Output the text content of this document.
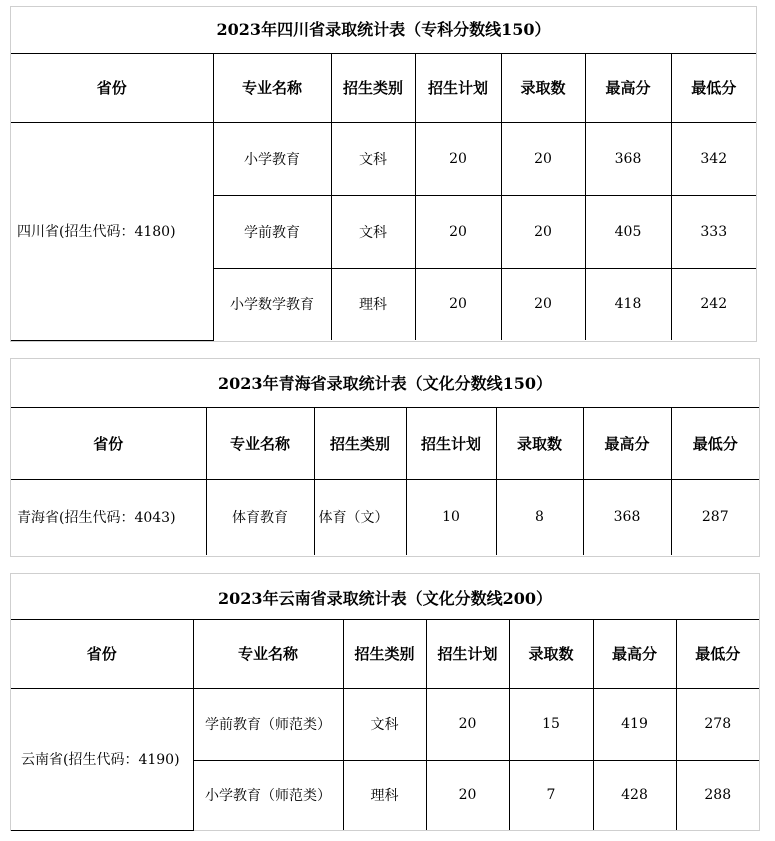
2023年四川省录取统计表（专科分数线150）
省份	专业名称	招生类别	招生计划	录取数	最高分	最低分
四川省(招生代码：4180)	小学教育	文科	20	20	368	342
	学前教育	文科	20	20	405	333
	小学数学教育	理科	20	20	418	242
2023年青海省录取统计表（文化分数线150）
省份	专业名称	招生类别	招生计划	录取数	最高分	最低分
青海省(招生代码：4043)	体育教育	体育（文）	10	8	368	287
2023年云南省录取统计表（文化分数线200）
省份	专业名称	招生类别	招生计划	录取数	最高分	最低分
云南省(招生代码：4190)	学前教育（师范类）	文科	20	15	419	278
	小学教育（师范类）	理科	20	7	428	288
